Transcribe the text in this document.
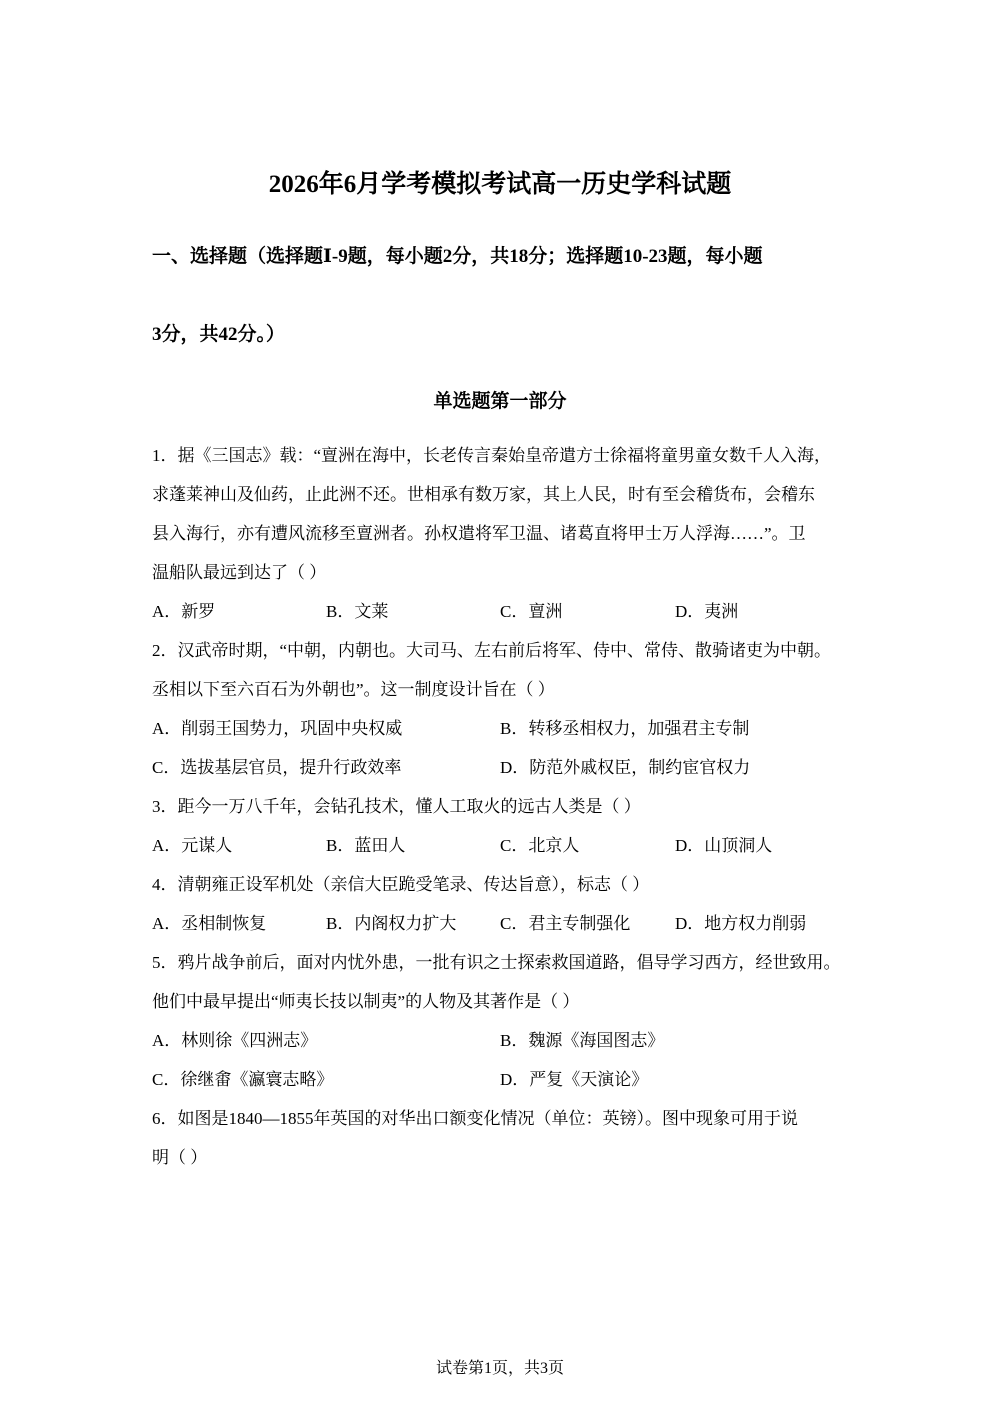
2026年6月学考模拟考试高一历史学科试题
一、选择题（选择题Ⅰ-9题，每小题2分，共18分；选择题10-23题，每小题
3分，共42分。）
单选题第一部分
1．据《三国志》载：“亶洲在海中，长老传言秦始皇帝遣方士徐福将童男童女数千人入海，
求蓬莱神山及仙药，止此洲不还。世相承有数万家，其上人民，时有至会稽货布，会稽东
县入海行，亦有遭风流移至亶洲者。孙权遣将军卫温、诸葛直将甲士万人浮海……”。卫
温船队最远到达了（ ）
A．新罗	B．文莱	C．亶洲	D．夷洲
2．汉武帝时期，“中朝，内朝也。大司马、左右前后将军、侍中、常侍、散骑诸吏为中朝。
丞相以下至六百石为外朝也”。这一制度设计旨在（ ）
A．削弱王国势力，巩固中央权威	B．转移丞相权力，加强君主专制
C．选拔基层官员，提升行政效率	D．防范外戚权臣，制约宦官权力
3．距今一万八千年，会钻孔技术，懂人工取火的远古人类是（ ）
A．元谋人	B．蓝田人	C．北京人	D．山顶洞人
4．清朝雍正设军机处（亲信大臣跪受笔录、传达旨意），标志（ ）
A．丞相制恢复	B．内阁权力扩大	C．君主专制强化	D．地方权力削弱
5．鸦片战争前后，面对内忧外患，一批有识之士探索救国道路，倡导学习西方，经世致用。
他们中最早提出“师夷长技以制夷”的人物及其著作是（ ）
A．林则徐《四洲志》	B．魏源《海国图志》
C．徐继畬《瀛寰志略》	D．严复《天演论》
6．如图是1840—1855年英国的对华出口额变化情况（单位：英镑）。图中现象可用于说
明（ ）
试卷第1页，共3页
